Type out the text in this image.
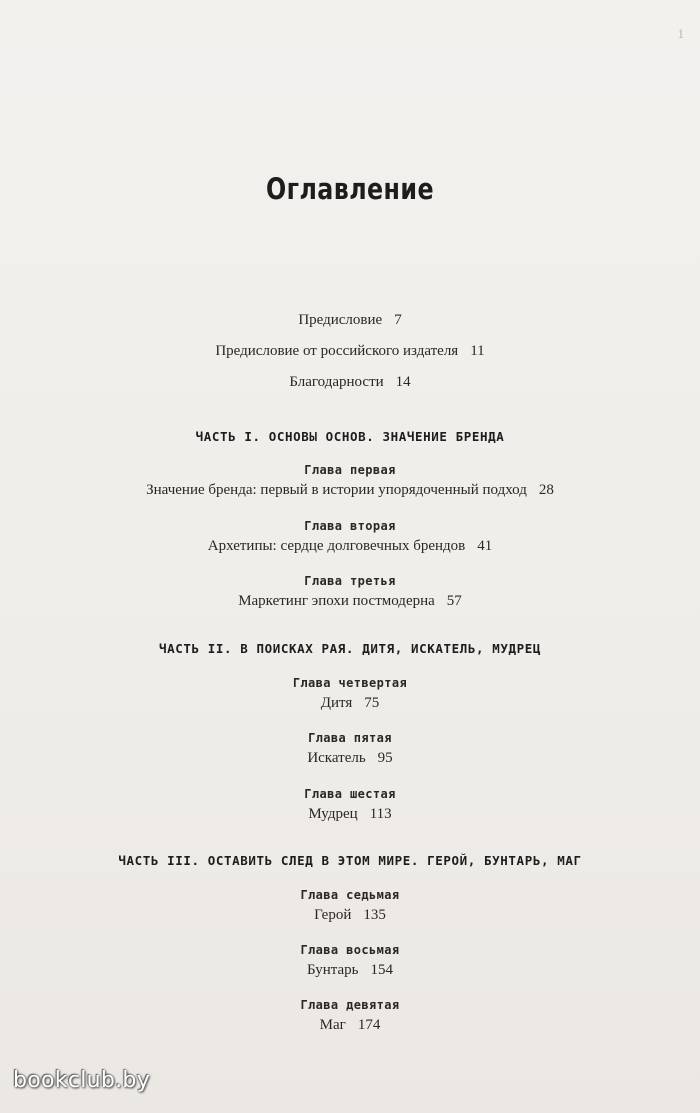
1
Оглавление
Предисловие 7
Предисловие от российского издателя 11
Благодарности 14
ЧАСТЬ I. ОСНОВЫ ОСНОВ. ЗНАЧЕНИЕ БРЕНДА
Глава первая
Значение бренда: первый в истории упорядоченный подход 28
Глава вторая
Архетипы: сердце долговечных брендов 41
Глава третья
Маркетинг эпохи постмодерна 57
ЧАСТЬ II. В ПОИСКАХ РАЯ. ДИТЯ, ИСКАТЕЛЬ, МУДРЕЦ
Глава четвертая
Дитя 75
Глава пятая
Искатель 95
Глава шестая
Мудрец 113
ЧАСТЬ III. ОСТАВИТЬ СЛЕД В ЭТОМ МИРЕ. ГЕРОЙ, БУНТАРЬ, МАГ
Глава седьмая
Герой 135
Глава восьмая
Бунтарь 154
Глава девятая
Маг 174
bookclub.by
